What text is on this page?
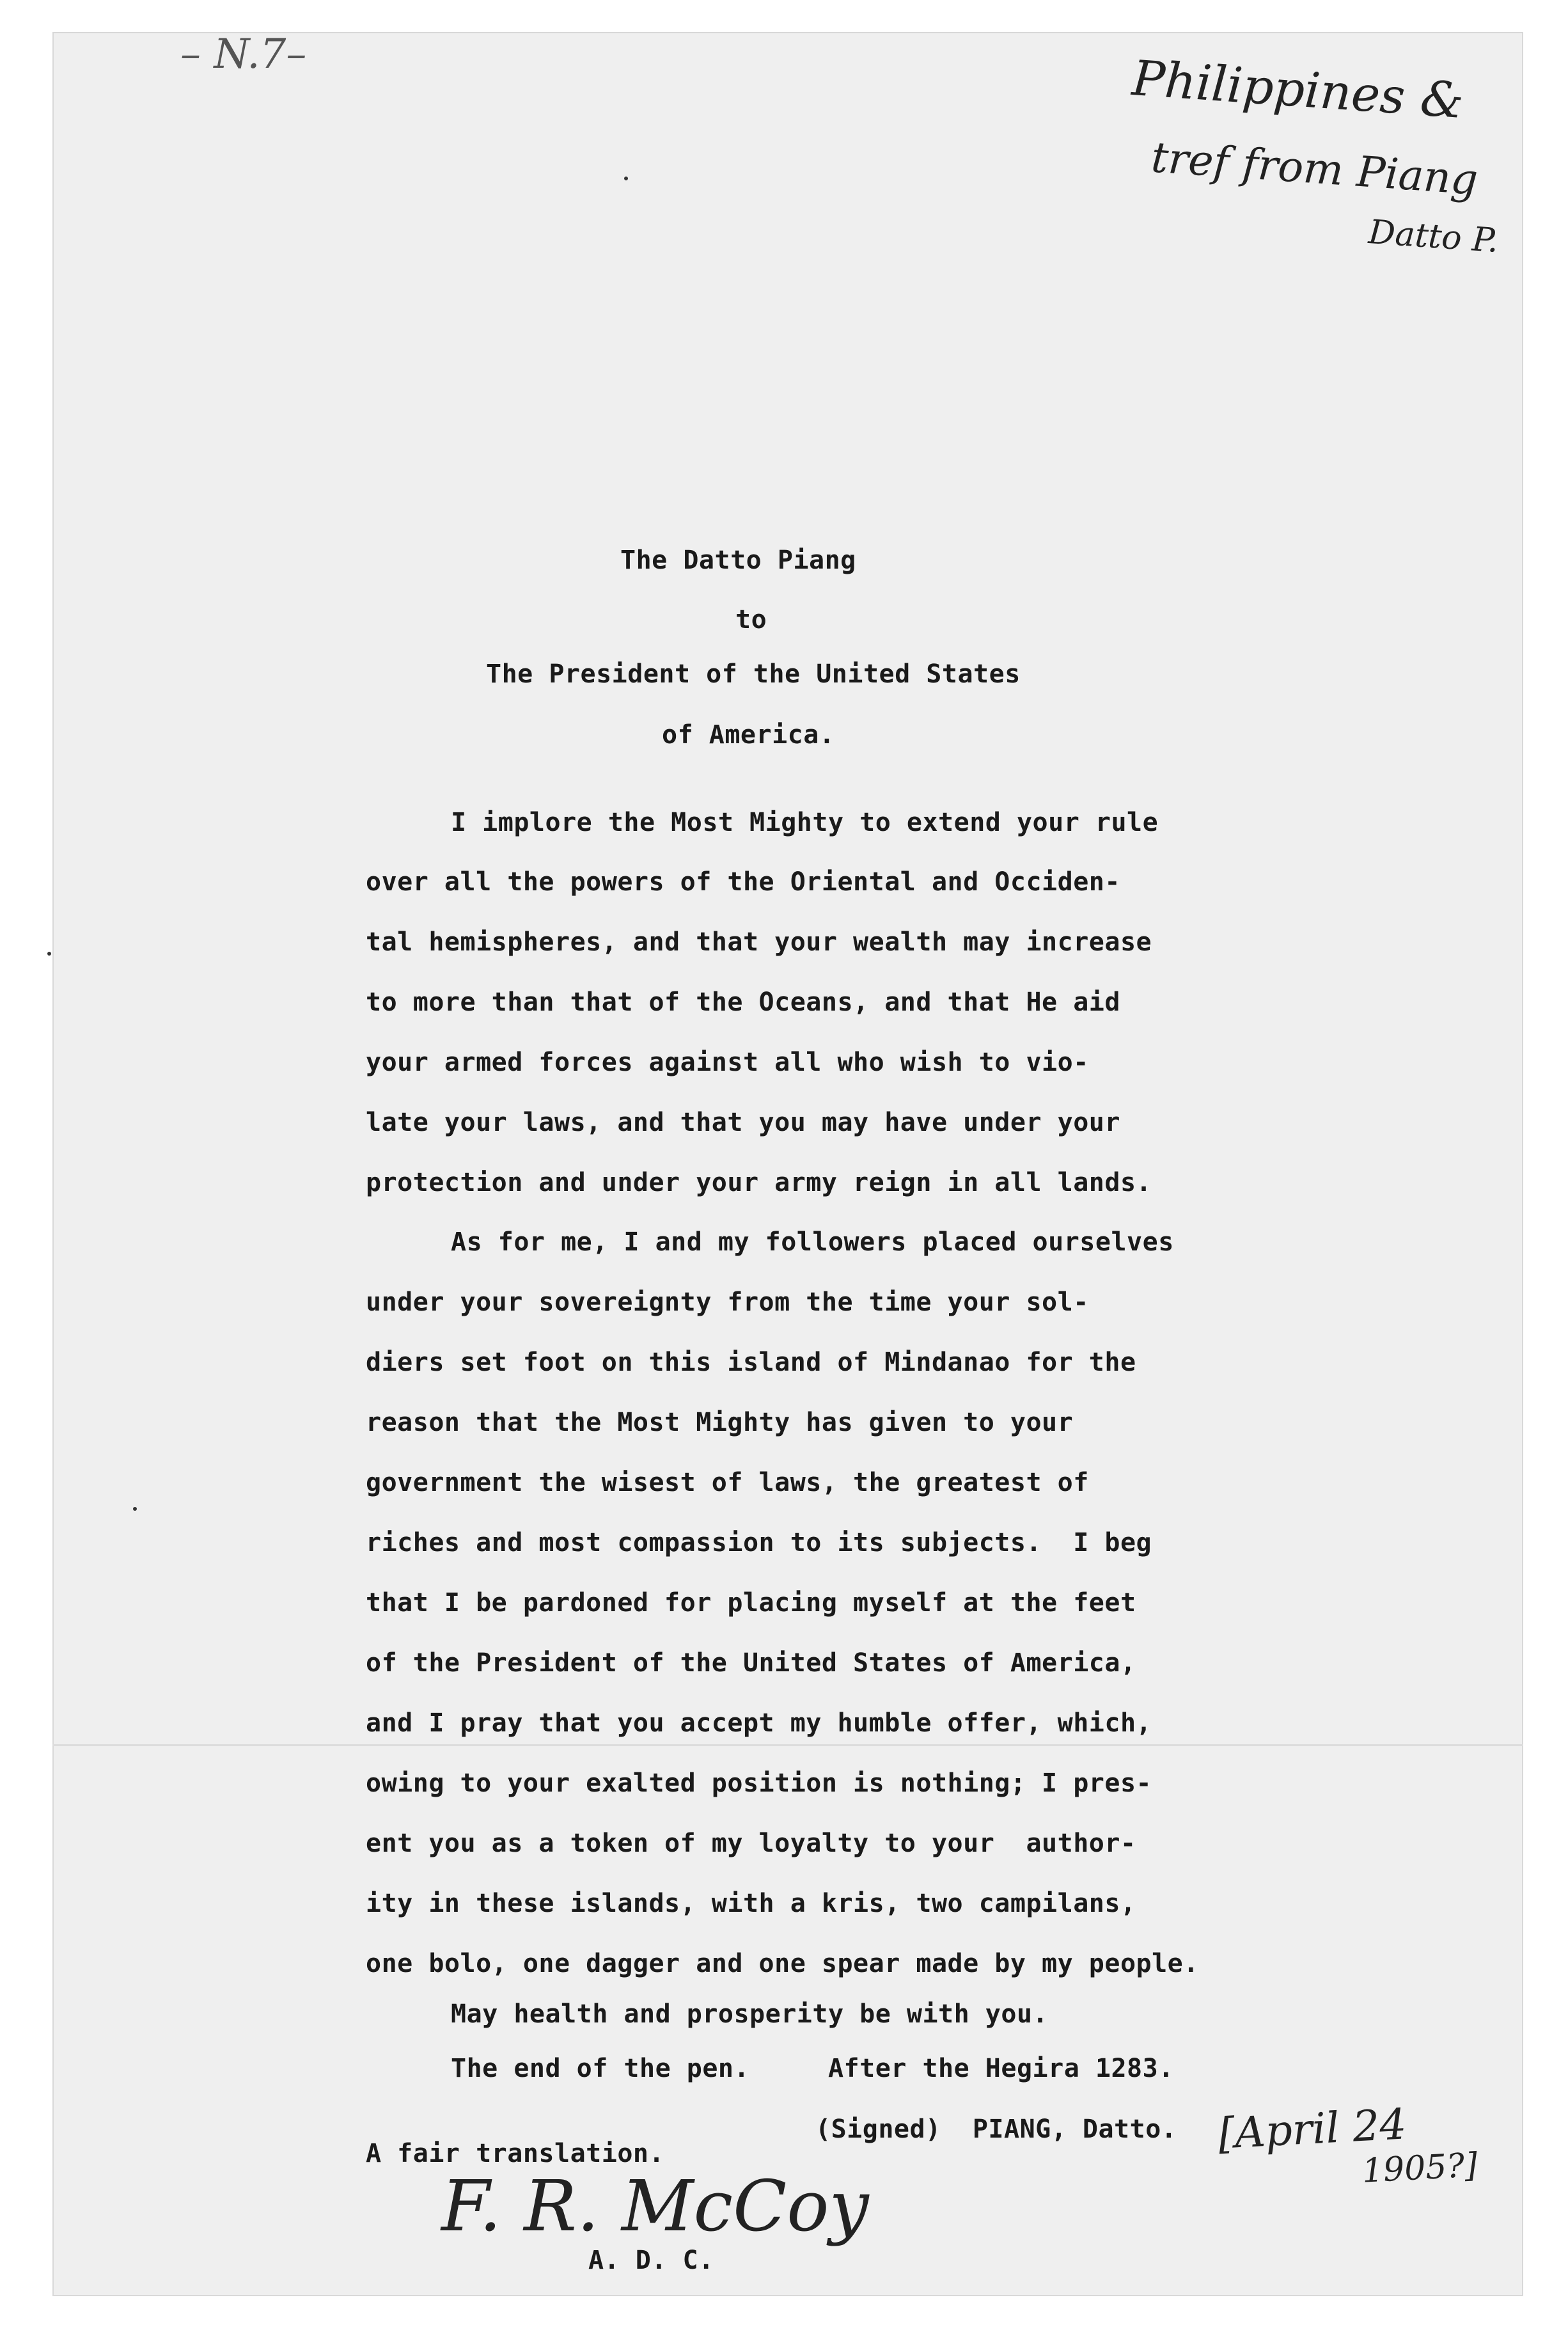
– N.7–	Philippines &
tref from Piang
Datto P.
The Datto Piang
to
The President of the United States
of America.
I implore the Most Mighty to extend your rule
over all the powers of the Oriental and Occiden-
tal hemispheres, and that your wealth may increase
to more than that of the Oceans, and that He aid
your armed forces against all who wish to vio-
late your laws, and that you may have under your
protection and under your army reign in all lands.
As for me, I and my followers placed ourselves
under your sovereignty from the time your sol-
diers set foot on this island of Mindanao for the
reason that the Most Mighty has given to your
government the wisest of laws, the greatest of
riches and most compassion to its subjects.  I beg
that I be pardoned for placing myself at the feet
of the President of the United States of America,
and I pray that you accept my humble offer, which,
owing to your exalted position is nothing; I pres-
ent you as a token of my loyalty to your  author-
ity in these islands, with a kris, two campilans,
one bolo, one dagger and one spear made by my people.
May health and prosperity be with you.
The end of the pen.     After the Hegira 1283.
(Signed)  PIANG, Datto. [April 24
1905?]
A fair translation.
F. R. McCoy
A. D. C.
